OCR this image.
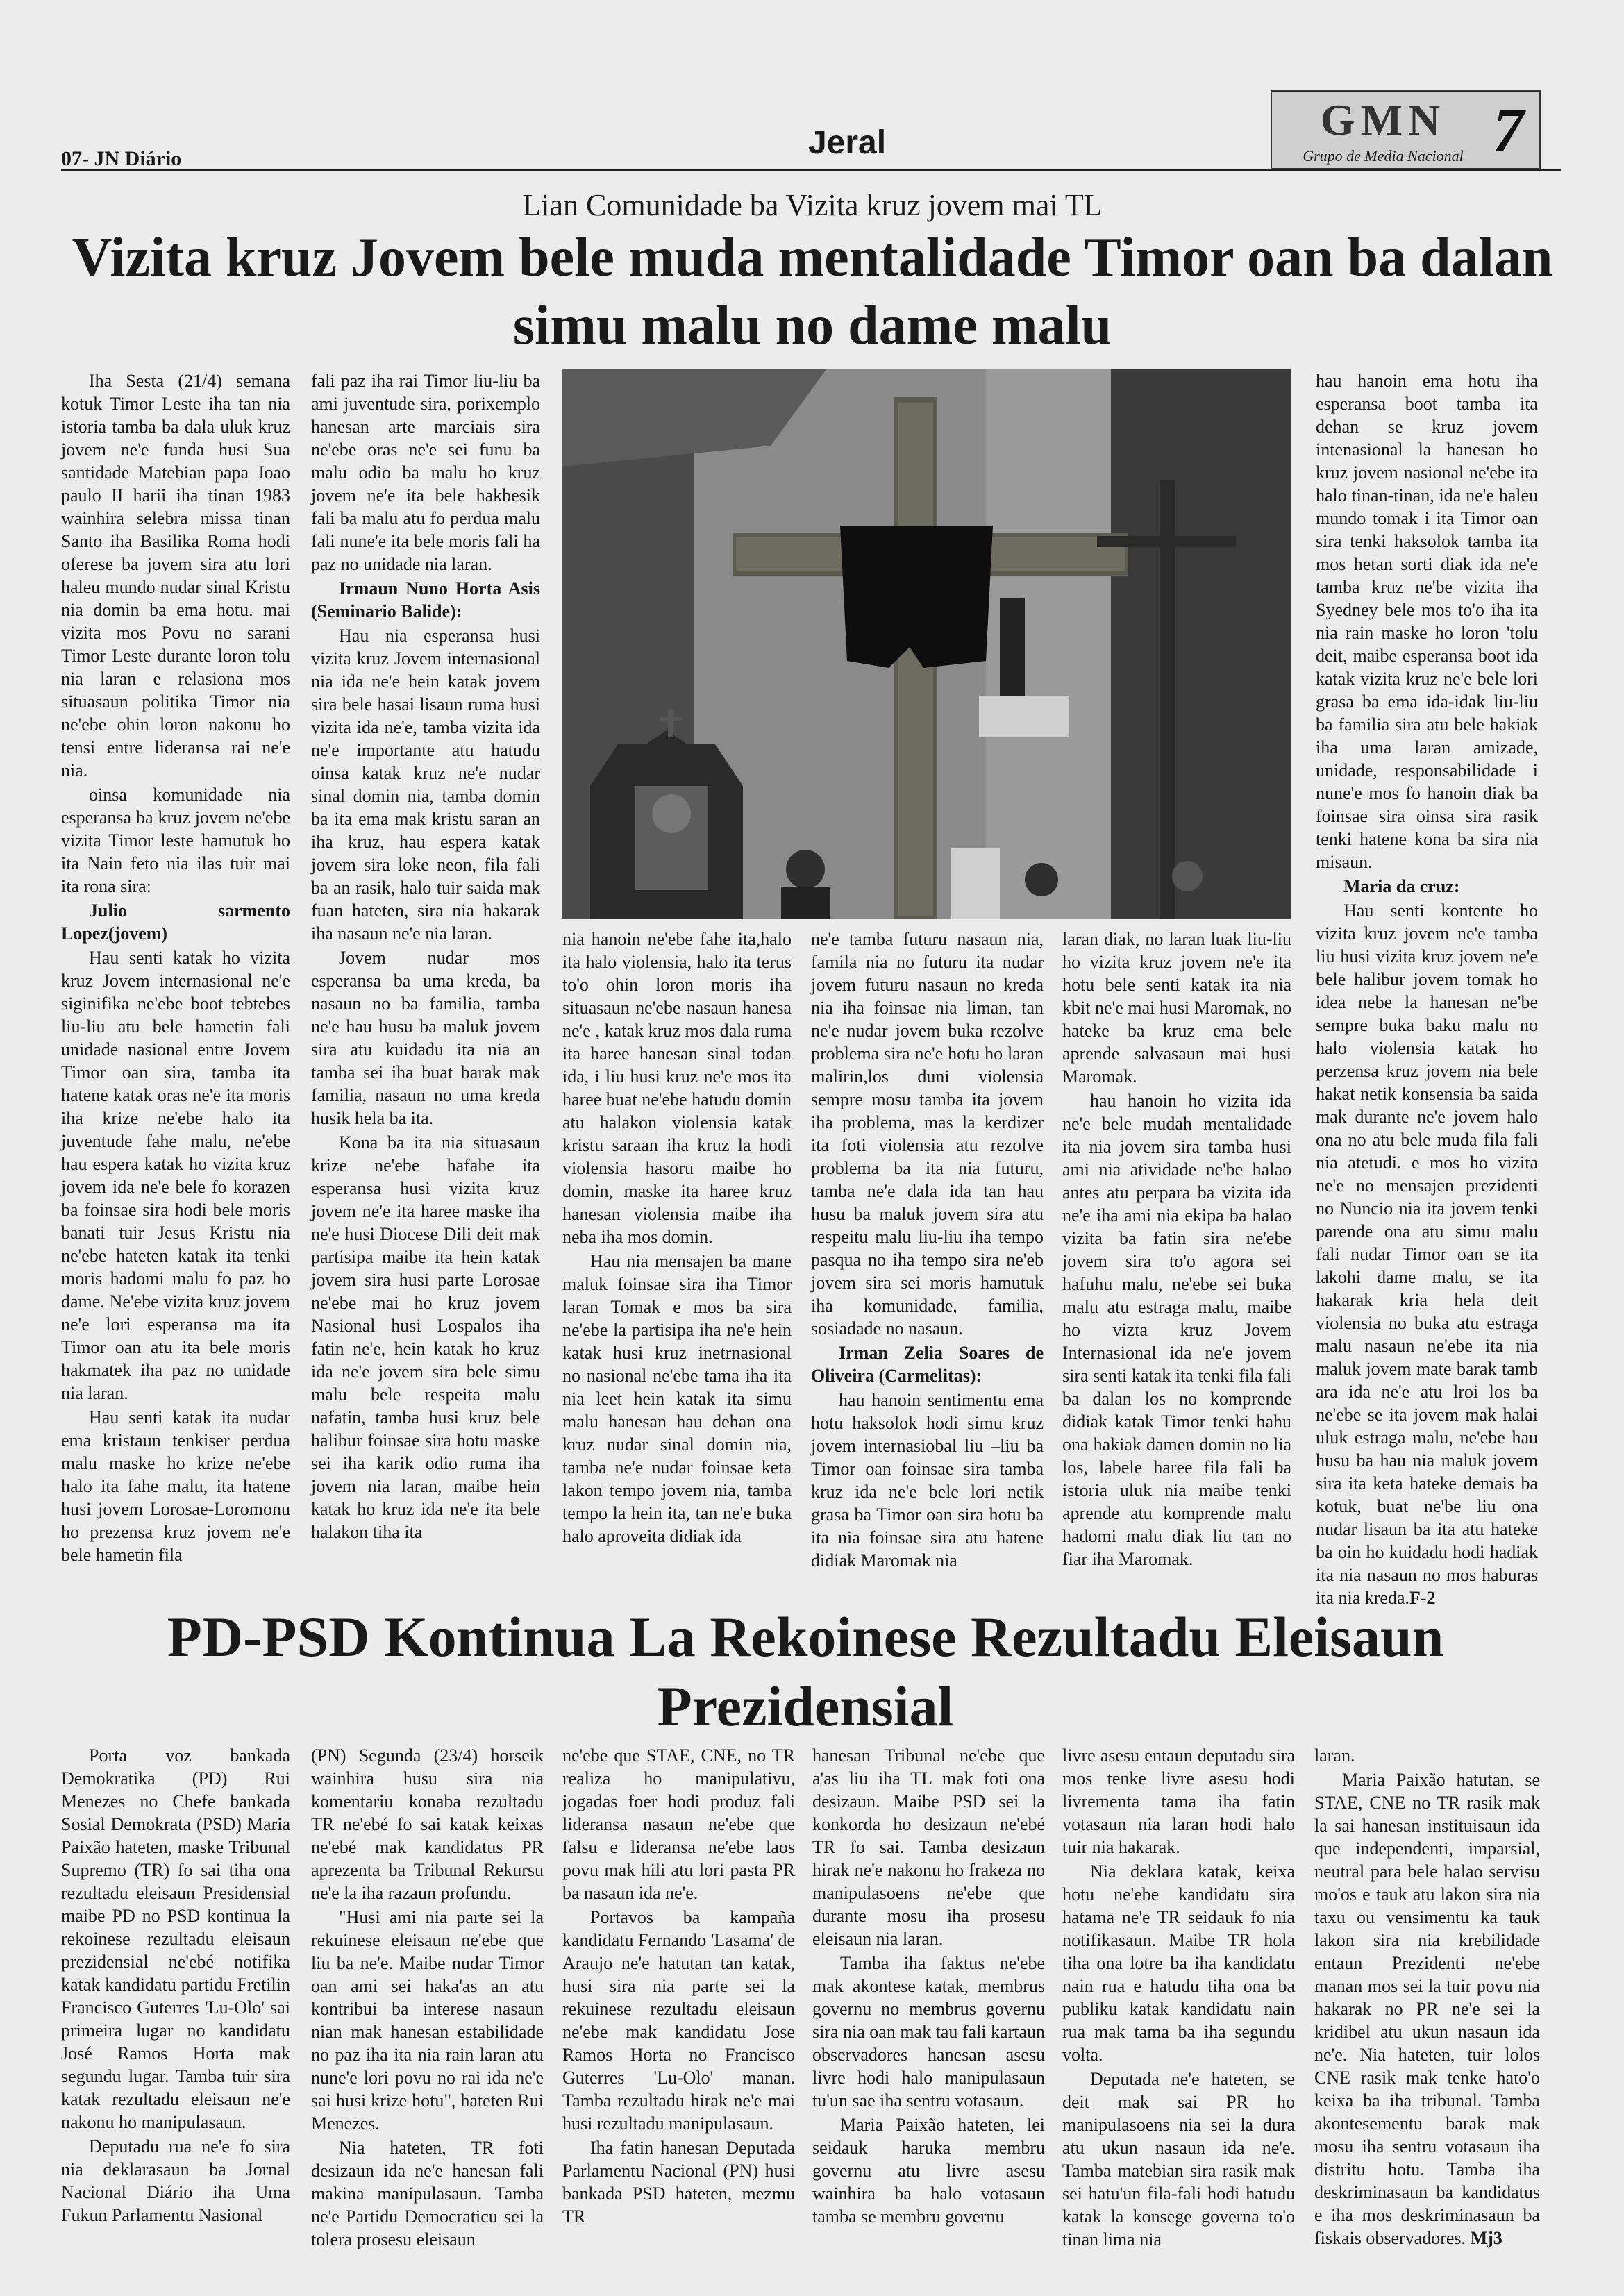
07- JN Diário	Jeral	GMN
Grupo de Media Nacional 7
Lian Comunidade ba Vizita kruz jovem mai TL
Vizita kruz Jovem bele muda mentalidade Timor oan ba dalan simu malu no dame malu

Iha Sesta (21/4) semana kotuk Timor Leste iha tan nia istoria tamba ba dala uluk kruz jovem ne'e funda husi Sua santidade Matebian papa Joao paulo II harii iha tinan 1983 wainhira selebra missa tinan Santo iha Basilika Roma hodi oferese ba jovem sira atu lori haleu mundo nudar sinal Kristu nia domin ba ema hotu. mai vizita mos Povu no sarani Timor Leste durante loron tolu nia laran e relasiona mos situasaun politika Timor nia ne'ebe ohin loron nakonu ho tensi entre lideransa rai ne'e nia.

oinsa komunidade nia esperansa ba kruz jovem ne'ebe vizita Timor leste hamutuk ho ita Nain feto nia ilas tuir mai ita rona sira:

Julio sarmento Lopez(jovem)

Hau senti katak ho vizita kruz Jovem internasional ne'e siginifika ne'ebe boot tebtebes liu-liu atu bele hametin fali unidade nasional entre Jovem Timor oan sira, tamba ita hatene katak oras ne'e ita moris iha krize ne'ebe halo ita juventude fahe malu, ne'ebe hau espera katak ho vizita kruz jovem ida ne'e bele fo korazen ba foinsae sira hodi bele moris banati tuir Jesus Kristu nia ne'ebe hateten katak ita tenki moris hadomi malu fo paz ho dame. Ne'ebe vizita kruz jovem ne'e lori esperansa ma ita Timor oan atu ita bele moris hakmatek iha paz no unidade nia laran.

Hau senti katak ita nudar ema kristaun tenkiser perdua malu maske ho krize ne'ebe halo ita fahe malu, ita hatene husi jovem Lorosae-Loromonu ho prezensa kruz jovem ne'e bele hametin fila

fali paz iha rai Timor liu-liu ba ami juventude sira, porixemplo hanesan arte marciais sira ne'ebe oras ne'e sei funu ba malu odio ba malu ho kruz jovem ne'e ita bele hakbesik fali ba malu atu fo perdua malu fali nune'e ita bele moris fali ha paz no unidade nia laran.

Irmaun Nuno Horta Asis (Seminario Balide):

Hau nia esperansa husi vizita kruz Jovem internasional nia ida ne'e hein katak jovem sira bele hasai lisaun ruma husi vizita ida ne'e, tamba vizita ida ne'e importante atu hatudu oinsa katak kruz ne'e nudar sinal domin nia, tamba domin ba ita ema mak kristu saran an iha kruz, hau espera katak jovem sira loke neon, fila fali ba an rasik, halo tuir saida mak fuan hateten, sira nia hakarak iha nasaun ne'e nia laran.

Jovem nudar mos esperansa ba uma kreda, ba nasaun no ba familia, tamba ne'e hau husu ba maluk jovem sira atu kuidadu ita nia an tamba sei iha buat barak mak familia, nasaun no uma kreda husik hela ba ita.

Kona ba ita nia situasaun krize ne'ebe hafahe ita esperansa husi vizita kruz jovem ne'e ita haree maske iha ne'e husi Diocese Dili deit mak partisipa maibe ita hein katak jovem sira husi parte Lorosae ne'ebe mai ho kruz jovem Nasional husi Lospalos iha fatin ne'e, hein katak ho kruz ida ne'e jovem sira bele simu malu bele respeita malu nafatin, tamba husi kruz bele halibur foinsae sira hotu maske sei iha karik odio ruma iha jovem nia laran, maibe hein katak ho kruz ida ne'e ita bele halakon tiha ita

nia hanoin ne'ebe fahe ita,halo ita halo violensia, halo ita terus to'o ohin loron moris iha situasaun ne'ebe nasaun hanesa ne'e , katak kruz mos dala ruma ita haree hanesan sinal todan ida, i liu husi kruz ne'e mos ita haree buat ne'ebe hatudu domin atu halakon violensia katak kristu saraan iha kruz la hodi violensia hasoru maibe ho domin, maske ita haree kruz hanesan violensia maibe iha neba iha mos domin.

Hau nia mensajen ba mane maluk foinsae sira iha Timor laran Tomak e mos ba sira ne'ebe la partisipa iha ne'e hein katak husi kruz inetrnasional no nasional ne'ebe tama iha ita nia leet hein katak ita simu malu hanesan hau dehan ona kruz nudar sinal domin nia, tamba ne'e nudar foinsae keta lakon tempo jovem nia, tamba tempo la hein ita, tan ne'e buka halo aproveita didiak ida

ne'e tamba futuru nasaun nia, famila nia no futuru ita nudar jovem futuru nasaun no kreda nia iha foinsae nia liman, tan ne'e nudar jovem buka rezolve problema sira ne'e hotu ho laran malirin,los duni violensia sempre mosu tamba ita jovem iha problema, mas la kerdizer ita foti violensia atu rezolve problema ba ita nia futuru, tamba ne'e dala ida tan hau husu ba maluk jovem sira atu respeitu malu liu-liu iha tempo pasqua no iha tempo sira ne'eb jovem sira sei moris hamutuk iha komunidade, familia, sosiadade no nasaun.

Irman Zelia Soares de Oliveira (Carmelitas):

hau hanoin sentimentu ema hotu haksolok hodi simu kruz jovem internasiobal liu –liu ba Timor oan foinsae sira tamba kruz ida ne'e bele lori netik grasa ba Timor oan sira hotu ba ita nia foinsae sira atu hatene didiak Maromak nia

laran diak, no laran luak liu-liu ho vizita kruz jovem ne'e ita hotu bele senti katak ita nia kbit ne'e mai husi Maromak, no hateke ba kruz ema bele aprende salvasaun mai husi Maromak.

hau hanoin ho vizita ida ne'e bele mudah mentalidade ita nia jovem sira tamba husi ami nia atividade ne'be halao antes atu perpara ba vizita ida ne'e iha ami nia ekipa ba halao vizita ba fatin sira ne'ebe jovem sira to'o agora sei hafuhu malu, ne'ebe sei buka malu atu estraga malu, maibe ho vizta kruz Jovem Internasional ida ne'e jovem sira senti katak ita tenki fila fali ba dalan los no komprende didiak katak Timor tenki hahu ona hakiak damen domin no lia los, labele haree fila fali ba istoria uluk nia maibe tenki aprende atu komprende malu hadomi malu diak liu tan no fiar iha Maromak.

hau hanoin ema hotu iha esperansa boot tamba ita dehan se kruz jovem intenasional la hanesan ho kruz jovem nasional ne'ebe ita halo tinan-tinan, ida ne'e haleu mundo tomak i ita Timor oan sira tenki haksolok tamba ita mos hetan sorti diak ida ne'e tamba kruz ne'be vizita iha Syedney bele mos to'o iha ita nia rain maske ho loron 'tolu deit, maibe esperansa boot ida katak vizita kruz ne'e bele lori grasa ba ema ida-idak liu-liu ba familia sira atu bele hakiak iha uma laran amizade, unidade, responsabilidade i nune'e mos fo hanoin diak ba foinsae sira oinsa sira rasik tenki hatene kona ba sira nia misaun.

Maria da cruz:

Hau senti kontente ho vizita kruz jovem ne'e tamba liu husi vizita kruz jovem ne'e bele halibur jovem tomak ho idea nebe la hanesan ne'be sempre buka baku malu no halo violensia katak ho perzensa kruz jovem nia bele hakat netik konsensia ba saida mak durante ne'e jovem halo ona no atu bele muda fila fali nia atetudi. e mos ho vizita ne'e no mensajen prezidenti no Nuncio nia ita jovem tenki parende ona atu simu malu fali nudar Timor oan se ita lakohi dame malu, se ita hakarak kria hela deit violensia no buka atu estraga malu nasaun ne'ebe ita nia maluk jovem mate barak tamb ara ida ne'e atu lroi los ba ne'ebe se ita jovem mak halai uluk estraga malu, ne'ebe hau husu ba hau nia maluk jovem sira ita keta hateke demais ba kotuk, buat ne'be liu ona nudar lisaun ba ita atu hateke ba oin ho kuidadu hodi hadiak ita nia nasaun no mos haburas ita nia kreda.F-2

PD-PSD Kontinua La Rekoinese Rezultadu Eleisaun Prezidensial

Porta voz bankada Demokratika (PD) Rui Menezes no Chefe bankada Sosial Demokrata (PSD) Maria Paixão hateten, maske Tribunal Supremo (TR) fo sai tiha ona rezultadu eleisaun Presidensial maibe PD no PSD kontinua la rekoinese rezultadu eleisaun prezidensial ne'ebé notifika katak kandidatu partidu Fretilin Francisco Guterres 'Lu-Olo' sai primeira lugar no kandidatu José Ramos Horta mak segundu lugar. Tamba tuir sira katak rezultadu eleisaun ne'e nakonu ho manipulasaun.

Deputadu rua ne'e fo sira nia deklarasaun ba Jornal Nacional Diário iha Uma Fukun Parlamentu Nasional

(PN) Segunda (23/4) horseik wainhira husu sira nia komentariu konaba rezultadu TR ne'ebé fo sai katak keixas ne'ebé mak kandidatus PR aprezenta ba Tribunal Rekursu ne'e la iha razaun profundu.

"Husi ami nia parte sei la rekuinese eleisaun ne'ebe que liu ba ne'e. Maibe nudar Timor oan ami sei haka'as an atu kontribui ba interese nasaun nian mak hanesan estabilidade no paz iha ita nia rain laran atu nune'e lori povu no rai ida ne'e sai husi krize hotu", hateten Rui Menezes.

Nia hateten, TR foti desizaun ida ne'e hanesan fali makina manipulasaun. Tamba ne'e Partidu Democraticu sei la tolera prosesu eleisaun

ne'ebe que STAE, CNE, no TR realiza ho manipulativu, jogadas foer hodi produz fali lideransa nasaun ne'ebe que falsu e lideransa ne'ebe laos povu mak hili atu lori pasta PR ba nasaun ida ne'e.

Portavos ba kampaña kandidatu Fernando 'Lasama' de Araujo ne'e hatutan tan katak, husi sira nia parte sei la rekuinese rezultadu eleisaun ne'ebe mak kandidatu Jose Ramos Horta no Francisco Guterres 'Lu-Olo' manan. Tamba rezultadu hirak ne'e mai husi rezultadu manipulasaun.

Iha fatin hanesan Deputada Parlamentu Nacional (PN) husi bankada PSD hateten, mezmu TR

hanesan Tribunal ne'ebe que a'as liu iha TL mak foti ona desizaun. Maibe PSD sei la konkorda ho desizaun ne'ebé TR fo sai. Tamba desizaun hirak ne'e nakonu ho frakeza no manipulasoens ne'ebe que durante mosu iha prosesu eleisaun nia laran.

Tamba iha faktus ne'ebe mak akontese katak, membrus governu no membrus governu sira nia oan mak tau fali kartaun observadores hanesan asesu livre hodi halo manipulasaun tu'un sae iha sentru votasaun.

Maria Paixão hateten, lei seidauk haruka membru governu atu livre asesu wainhira ba halo votasaun tamba se membru governu

livre asesu entaun deputadu sira mos tenke livre asesu hodi livrementa tama iha fatin votasaun nia laran hodi halo tuir nia hakarak.

Nia deklara katak, keixa hotu ne'ebe kandidatu sira hatama ne'e TR seidauk fo nia notifikasaun. Maibe TR hola tiha ona lotre ba iha kandidatu nain rua e hatudu tiha ona ba publiku katak kandidatu nain rua mak tama ba iha segundu volta.

Deputada ne'e hateten, se deit mak sai PR ho manipulasoens nia sei la dura atu ukun nasaun ida ne'e. Tamba matebian sira rasik mak sei hatu'un fila-fali hodi hatudu katak la konsege governa to'o tinan lima nia

laran.

Maria Paixão hatutan, se STAE, CNE no TR rasik mak la sai hanesan instituisaun ida que independenti, imparsial, neutral para bele halao servisu mo'os e tauk atu lakon sira nia taxu ou vensimentu ka tauk lakon sira nia krebilidade entaun Prezidenti ne'ebe manan mos sei la tuir povu nia hakarak no PR ne'e sei la kridibel atu ukun nasaun ida ne'e. Nia hateten, tuir lolos CNE rasik mak tenke hato'o keixa ba iha tribunal. Tamba akontesementu barak mak mosu iha sentru votasaun iha distritu hotu. Tamba iha deskriminasaun ba kandidatus e iha mos deskriminasaun ba fiskais observadores. Mj3
